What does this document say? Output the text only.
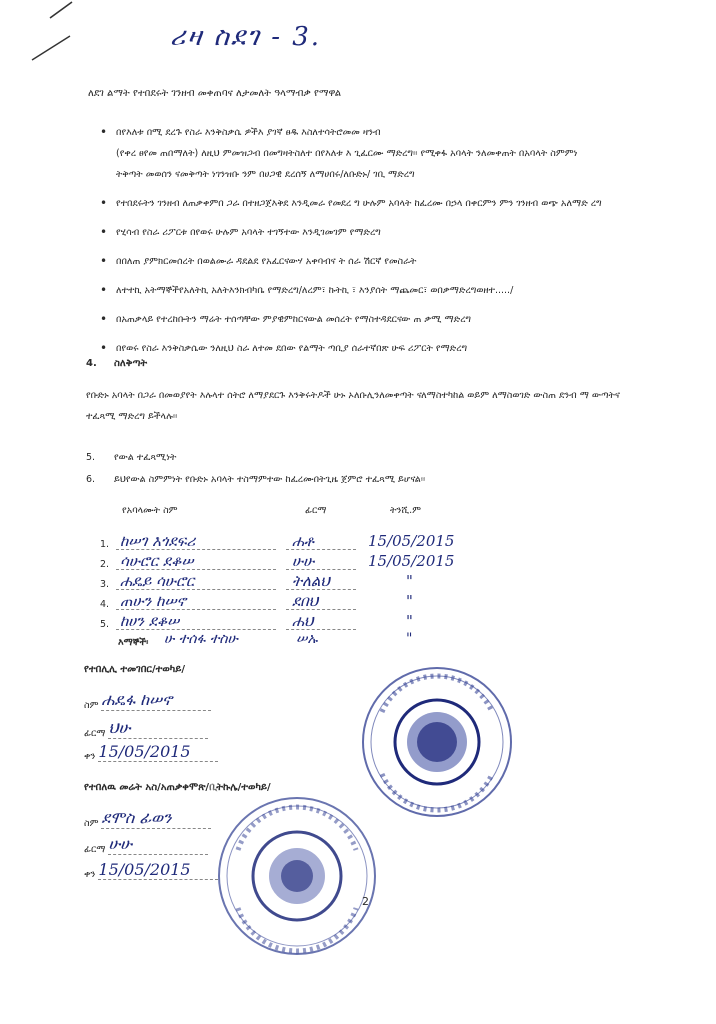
ሪዛ ስደገ - 3.
ለደገ ልማት የተበደሩት ገንዘብ መቀጠባና ለታመለት ዓላማብቃ የማዋል
• በየእለቱ በሚ ደረጉ የስራ እንቅስቃሴ ዎችእ ያገኛ ፀዱ እስለተሳትሮመመ ዛንብ
(የቀረ ፀየመ ጠበማለት) ለዚህ ምመዝጋብ በመግዛትስለተ በየእለቱ እ ጊፈርሙ ማድረግ፡፡ የሚቀፋ አባላት ንለመቀጠት በአባላት ስምምነ
ትቅጣት መወሰን ናመቅጣት ነገንዝቡ ንም በሀጋዊ ደረሰኝ ለማሀበሩ/ለቡድኑ/ ገቢ ማድረግ
• የተበደሩትን ገንዘብ ለጠቃቀምበ ጋራ በተዘጋጀእቅደ እንዲመራ የመደረ ግ ሁሉም አባላት ከፈረሙ በኃላ በቀርምን ምን ገንዘብ ወጭ አለማድ ረግ
• የሂሳብ የስራ ሪፖርቱ በየወሩ ሁሉም አባላት ተገኝተው እንዲገመገም የማድረግ
• በበለጠ ያምክርመሰረት በወልሙራ ዳደልደ የአፈርናውሃ አቀባብና ት ሰራ ሽርኛ የመስራት
• ለተተኪ አትማኞችየአለትኪ አለትእንክብካቤ የማድረግ/ለረም፣ ኩትኪ ፣ እንያሰት ማጨመር፣ ወበቃማድረግወዘተ...../
• በአጠቃላይ የተረከቡትን ማሬት ተሰጣቸው ምያዊምከርናውል መሰረት የማስተዳደርናው ጠ ቃሚ ማድረግ
• በየወሩ የስራ እንቅስቃሴው ንለዚህ ስራ ለተመ ደበው የልማት ጣቢያ ሰራተኛበጽ ሁፍ ሪፖርት የማድረግ
4. ስለቅጣት
የቡድኑ አባላት በጋራ በመወያየት እሉላተ ሰትሮ ለማያደርጉ እንቅሩትዶች ሁኑ ኦለቡሊንለመቀጣት ናለማስተካከል ወይም ለማስወገድ ውስጠ ደንብ ማ ውጣትና ተፈጻሚ ማድረግ ይችላሉ፡፡
5. የውል ተፈጻሚነት
6. ይህየውል ስምምነት የቡድኑ አባላት ተስማምተው ከፈረሙበትጊዜ ጀምሮ ተፈጻሚ ይሆናል፡፡
የአባላሙት ስም	ፊርማ	ትንሺ.ም
1. ከሠገ እጎደፍሪ	ሐቶ	15/05/2015
2. ሳሁሮር ደቆሠ	ሁሁ	15/05/2015
3. ሐዴይ ሳሁሮር	ትለልህ	"
4. ጠሁን ከሠኖ	ደበህ	"
5. ከሀን ደቆሠ	ሐህ	"
እማኞች፡ ሁ ተሰፋ ተስሁ	ሠኡ	"
የተበሊሊ ተመገበር/ተወካይ/
ስም ሐዴፋ ከሠኖ
ፊርማ ህሁ
ቀን 15/05/2015
የተበለዉ መሬት አስ/አጠቃቀሞጽ/ቢትኩሌ/ተወካይ/
ስም ደሞስ ፊወን
ፊርማ ሁሁ
ቀን 15/05/2015
2
